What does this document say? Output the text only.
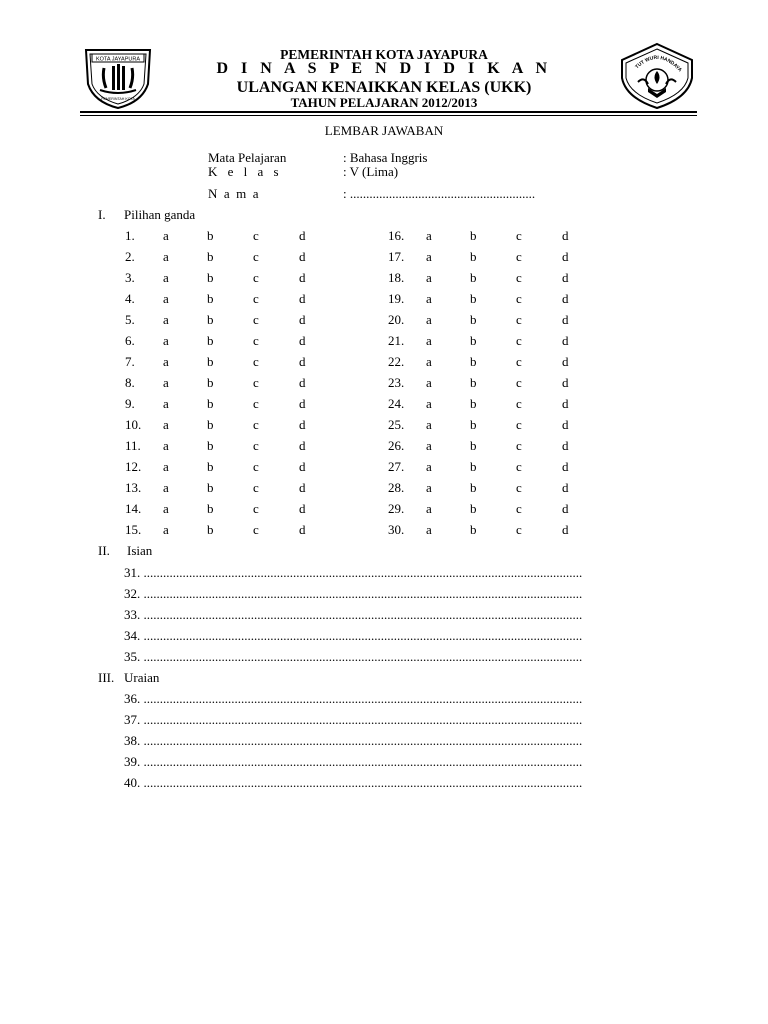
KOTA JAYAPURA
PEMERINTAH KOTA
TUT WURI HANDAYA
PEMERINTAH KOTA JAYAPURA
D I N A S P E N D I D I K A N
ULANGAN KENAIKKAN KELAS (UKK)
TAHUN PELAJARAN 2012/2013
LEMBAR JAWABAN
Mata Pelajaran	: Bahasa Inggris
K e l a s	: V (Lima)
N  a  m  a	: .........................................................
I. Pilihan ganda
1. a	b	c	d
2. a	b	c	d
3. a	b	c	d
4. a	b	c	d
5. a	b	c	d
6. a	b	c	d
7. a	b	c	d
8. a	b	c	d
9. a	b	c	d
10. a	b	c	d
11. a	b	c	d
12. a	b	c	d
13. a	b	c	d
14. a	b	c	d
15. a	b	c	d
16. a	b	c	d
17. a	b	c	d
18. a	b	c	d
19. a	b	c	d
20. a	b	c	d
21. a	b	c	d
22. a	b	c	d
23. a	b	c	d
24. a	b	c	d
25. a	b	c	d
26. a	b	c	d
27. a	b	c	d
28. a	b	c	d
29. a	b	c	d
30. a	b	c	d
II. Isian
31. .......................................................................................................................................
32. .......................................................................................................................................
33. .......................................................................................................................................
34. .......................................................................................................................................
35. .......................................................................................................................................
III. Uraian
36. .......................................................................................................................................
37. .......................................................................................................................................
38. .......................................................................................................................................
39. .......................................................................................................................................
40. .......................................................................................................................................
